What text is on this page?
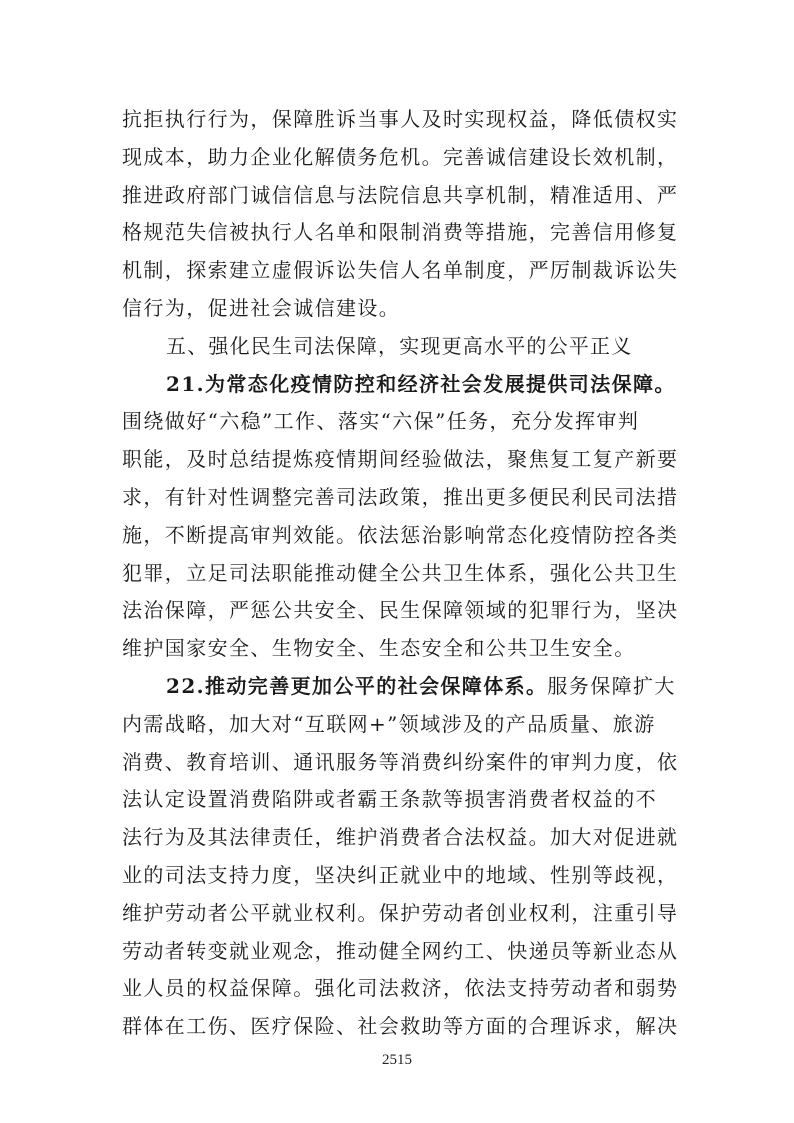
抗拒执行行为，保障胜诉当事人及时实现权益，降低债权实
现成本，助力企业化解债务危机。完善诚信建设长效机制，
推进政府部门诚信信息与法院信息共享机制，精准适用、严
格规范失信被执行人名单和限制消费等措施，完善信用修复
机制，探索建立虚假诉讼失信人名单制度，严厉制裁诉讼失
信行为，促进社会诚信建设。
五、强化民生司法保障，实现更高水平的公平正义
21.为常态化疫情防控和经济社会发展提供司法保障。
围绕做好“六稳”工作、落实“六保”任务，充分发挥审判
职能，及时总结提炼疫情期间经验做法，聚焦复工复产新要
求，有针对性调整完善司法政策，推出更多便民利民司法措
施，不断提高审判效能。依法惩治影响常态化疫情防控各类
犯罪，立足司法职能推动健全公共卫生体系，强化公共卫生
法治保障，严惩公共安全、民生保障领域的犯罪行为，坚决
维护国家安全、生物安全、生态安全和公共卫生安全。
22.推动完善更加公平的社会保障体系。服务保障扩大
内需战略，加大对“互联网+”领域涉及的产品质量、旅游
消费、教育培训、通讯服务等消费纠纷案件的审判力度，依
法认定设置消费陷阱或者霸王条款等损害消费者权益的不
法行为及其法律责任，维护消费者合法权益。加大对促进就
业的司法支持力度，坚决纠正就业中的地域、性别等歧视，
维护劳动者公平就业权利。保护劳动者创业权利，注重引导
劳动者转变就业观念，推动健全网约工、快递员等新业态从
业人员的权益保障。强化司法救济，依法支持劳动者和弱势
群体在工伤、医疗保险、社会救助等方面的合理诉求，解决
2515
